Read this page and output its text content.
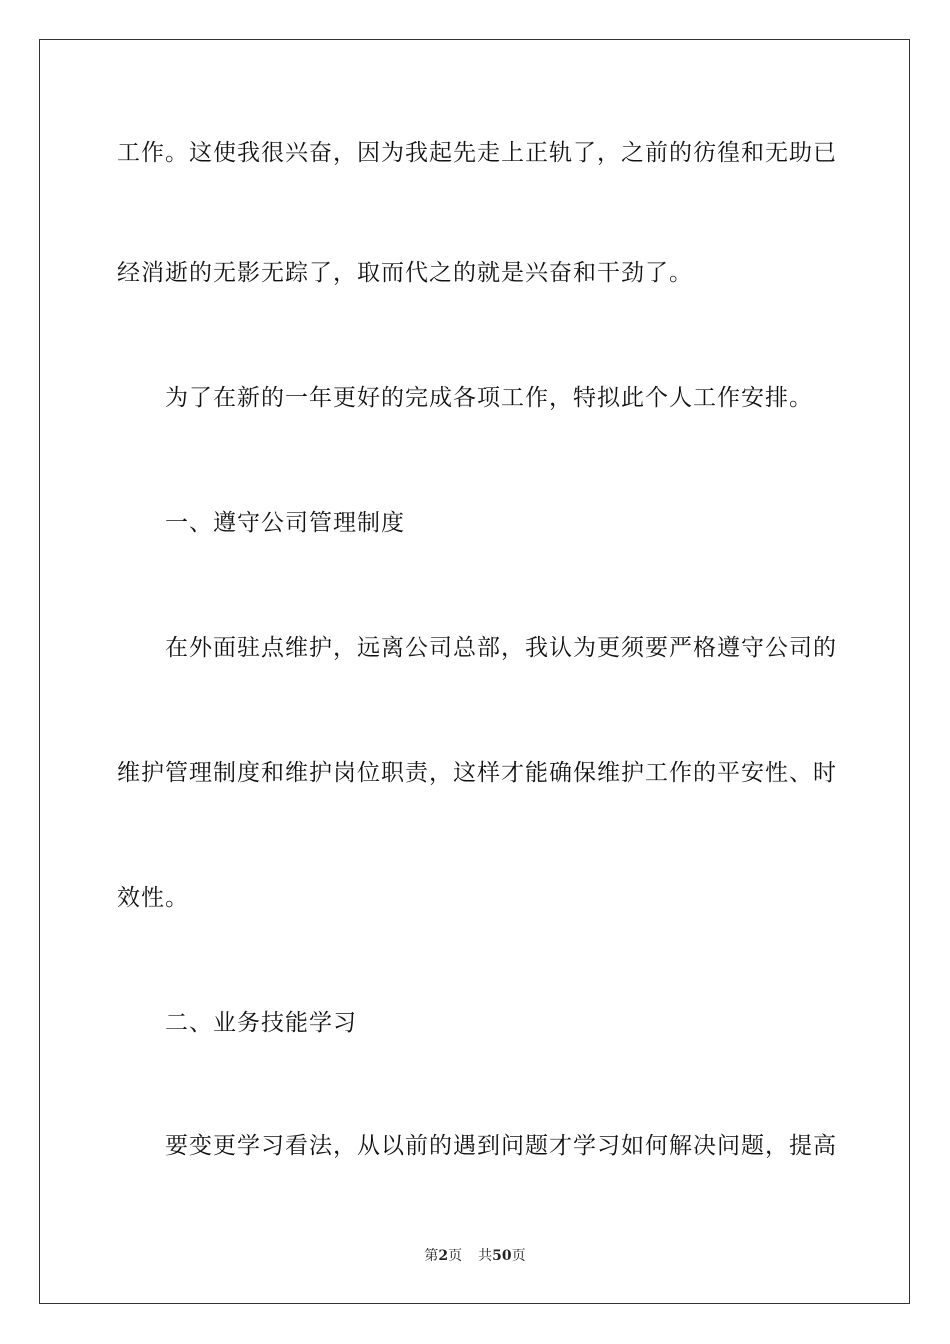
工作。这使我很兴奋，因为我起先走上正轨了，之前的彷徨和无助已
经消逝的无影无踪了，取而代之的就是兴奋和干劲了。
为了在新的一年更好的完成各项工作，特拟此个人工作安排。
一、遵守公司管理制度
在外面驻点维护，远离公司总部，我认为更须要严格遵守公司的
维护管理制度和维护岗位职责，这样才能确保维护工作的平安性、时
效性。
二、业务技能学习
要变更学习看法，从以前的遇到问题才学习如何解决问题，提高
第2页 共50页
